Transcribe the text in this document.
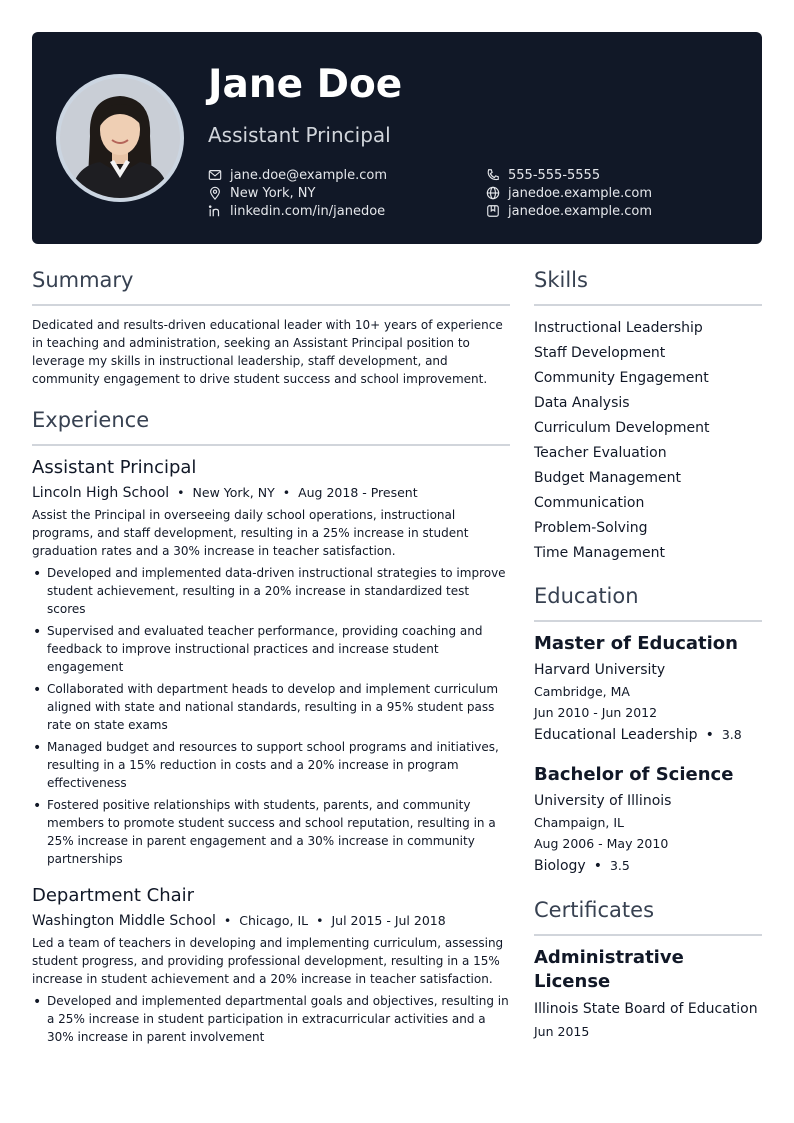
Jane Doe
Assistant Principal
jane.doe@example.com	555-555-5555
New York, NY	janedoe.example.com
linkedin.com/in/janedoe	janedoe.example.com
Summary

Dedicated and results-driven educational leader with 10+ years of experience in teaching and administration, seeking an Assistant Principal position to leverage my skills in instructional leadership, staff development, and community engagement to drive student success and school improvement.

Experience
Assistant Principal
Lincoln High School • New York, NY • Aug 2018 - Present

Assist the Principal in overseeing daily school operations, instructional programs, and staff development, resulting in a 25% increase in student graduation rates and a 30% increase in teacher satisfaction.

• Developed and implemented data-driven instructional strategies to improve student achievement, resulting in a 20% increase in standardized test scores
• Supervised and evaluated teacher performance, providing coaching and feedback to improve instructional practices and increase student engagement
• Collaborated with department heads to develop and implement curriculum aligned with state and national standards, resulting in a 95% student pass rate on state exams
• Managed budget and resources to support school programs and initiatives, resulting in a 15% reduction in costs and a 20% increase in program effectiveness
• Fostered positive relationships with students, parents, and community members to promote student success and school reputation, resulting in a 25% increase in parent engagement and a 30% increase in community partnerships
Department Chair
Washington Middle School • Chicago, IL • Jul 2015 - Jul 2018

Led a team of teachers in developing and implementing curriculum, assessing student progress, and providing professional development, resulting in a 15% increase in student achievement and a 20% increase in teacher satisfaction.

• Developed and implemented departmental goals and objectives, resulting in a 25% increase in student participation in extracurricular activities and a 30% increase in parent involvement
Skills
Instructional Leadership
Staff Development
Community Engagement
Data Analysis
Curriculum Development
Teacher Evaluation
Budget Management
Communication
Problem-Solving
Time Management
Education
Master of Education
Harvard University
Cambridge, MA
Jun 2010 - Jun 2012
Educational Leadership • 3.8
Bachelor of Science
University of Illinois
Champaign, IL
Aug 2006 - May 2010
Biology • 3.5
Certificates
Administrative License
Illinois State Board of Education
Jun 2015
